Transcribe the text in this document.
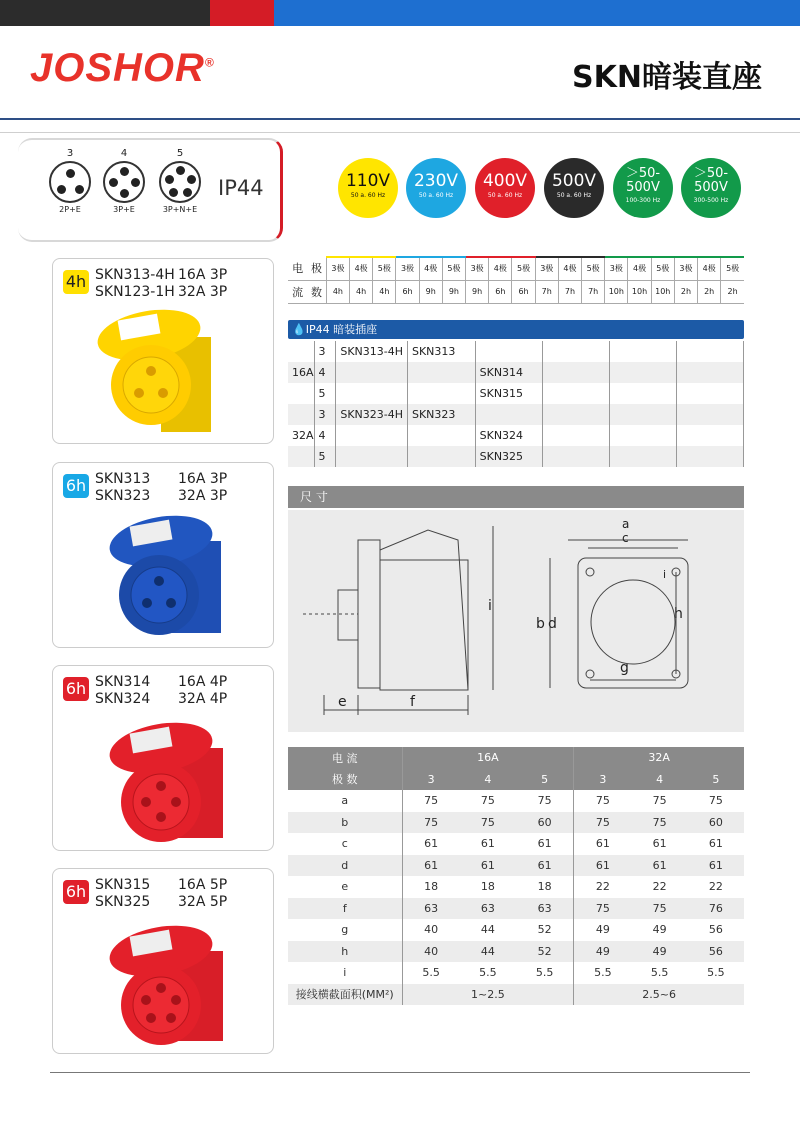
JOSHOR®	SKN暗装直座
3
2P+E
4
3P+E
5
3P+N+E
IP44	110V
50 a. 60 Hz
230V
50 a. 60 Hz
400V
50 a. 60 Hz
500V
50 a. 60 Hz
＞50-500V
100-300 Hz
＞50-500V
300-500 Hz
4h SKN313-4H
SKN123-1H
16A 3P
32A 3P
6h SKN313
SKN323
16A 3P
32A 3P
6h SKN314
SKN324
16A 4P
32A 4P
6h SKN315
SKN325
16A 5P
32A 5P
电	极	3极	4极	5极	3极	4极	5极	3极	4极	5极	3极	4极	5极	3极	4极	5极	3极	4极	5极
流	数	4h	4h	4h	6h	9h	9h	9h	6h	6h	7h	7h	7h	10h	10h	10h	2h	2h	2h
💧IP44 暗装插座
	3	SKN313-4H	SKN313				
16A	4			SKN314			
	5			SKN315			
	3	SKN323-4H	SKN323				
32A	4			SKN324			
	5			SKN325			
尺 寸
e	f
i
a
c
b d
h
g
i
电 流	16A			32A		
极 数	3	4	5	3	4	5
a	75	75	75	75	75	75
b	75	75	60	75	75	60
c	61	61	61	61	61	61
d	61	61	61	61	61	61
e	18	18	18	22	22	22
f	63	63	63	75	75	76
g	40	44	52	49	49	56
h	40	44	52	49	49	56
i	5.5	5.5	5.5	5.5	5.5	5.5
接线横截面积(MM²)	1~2.5			2.5~6		
